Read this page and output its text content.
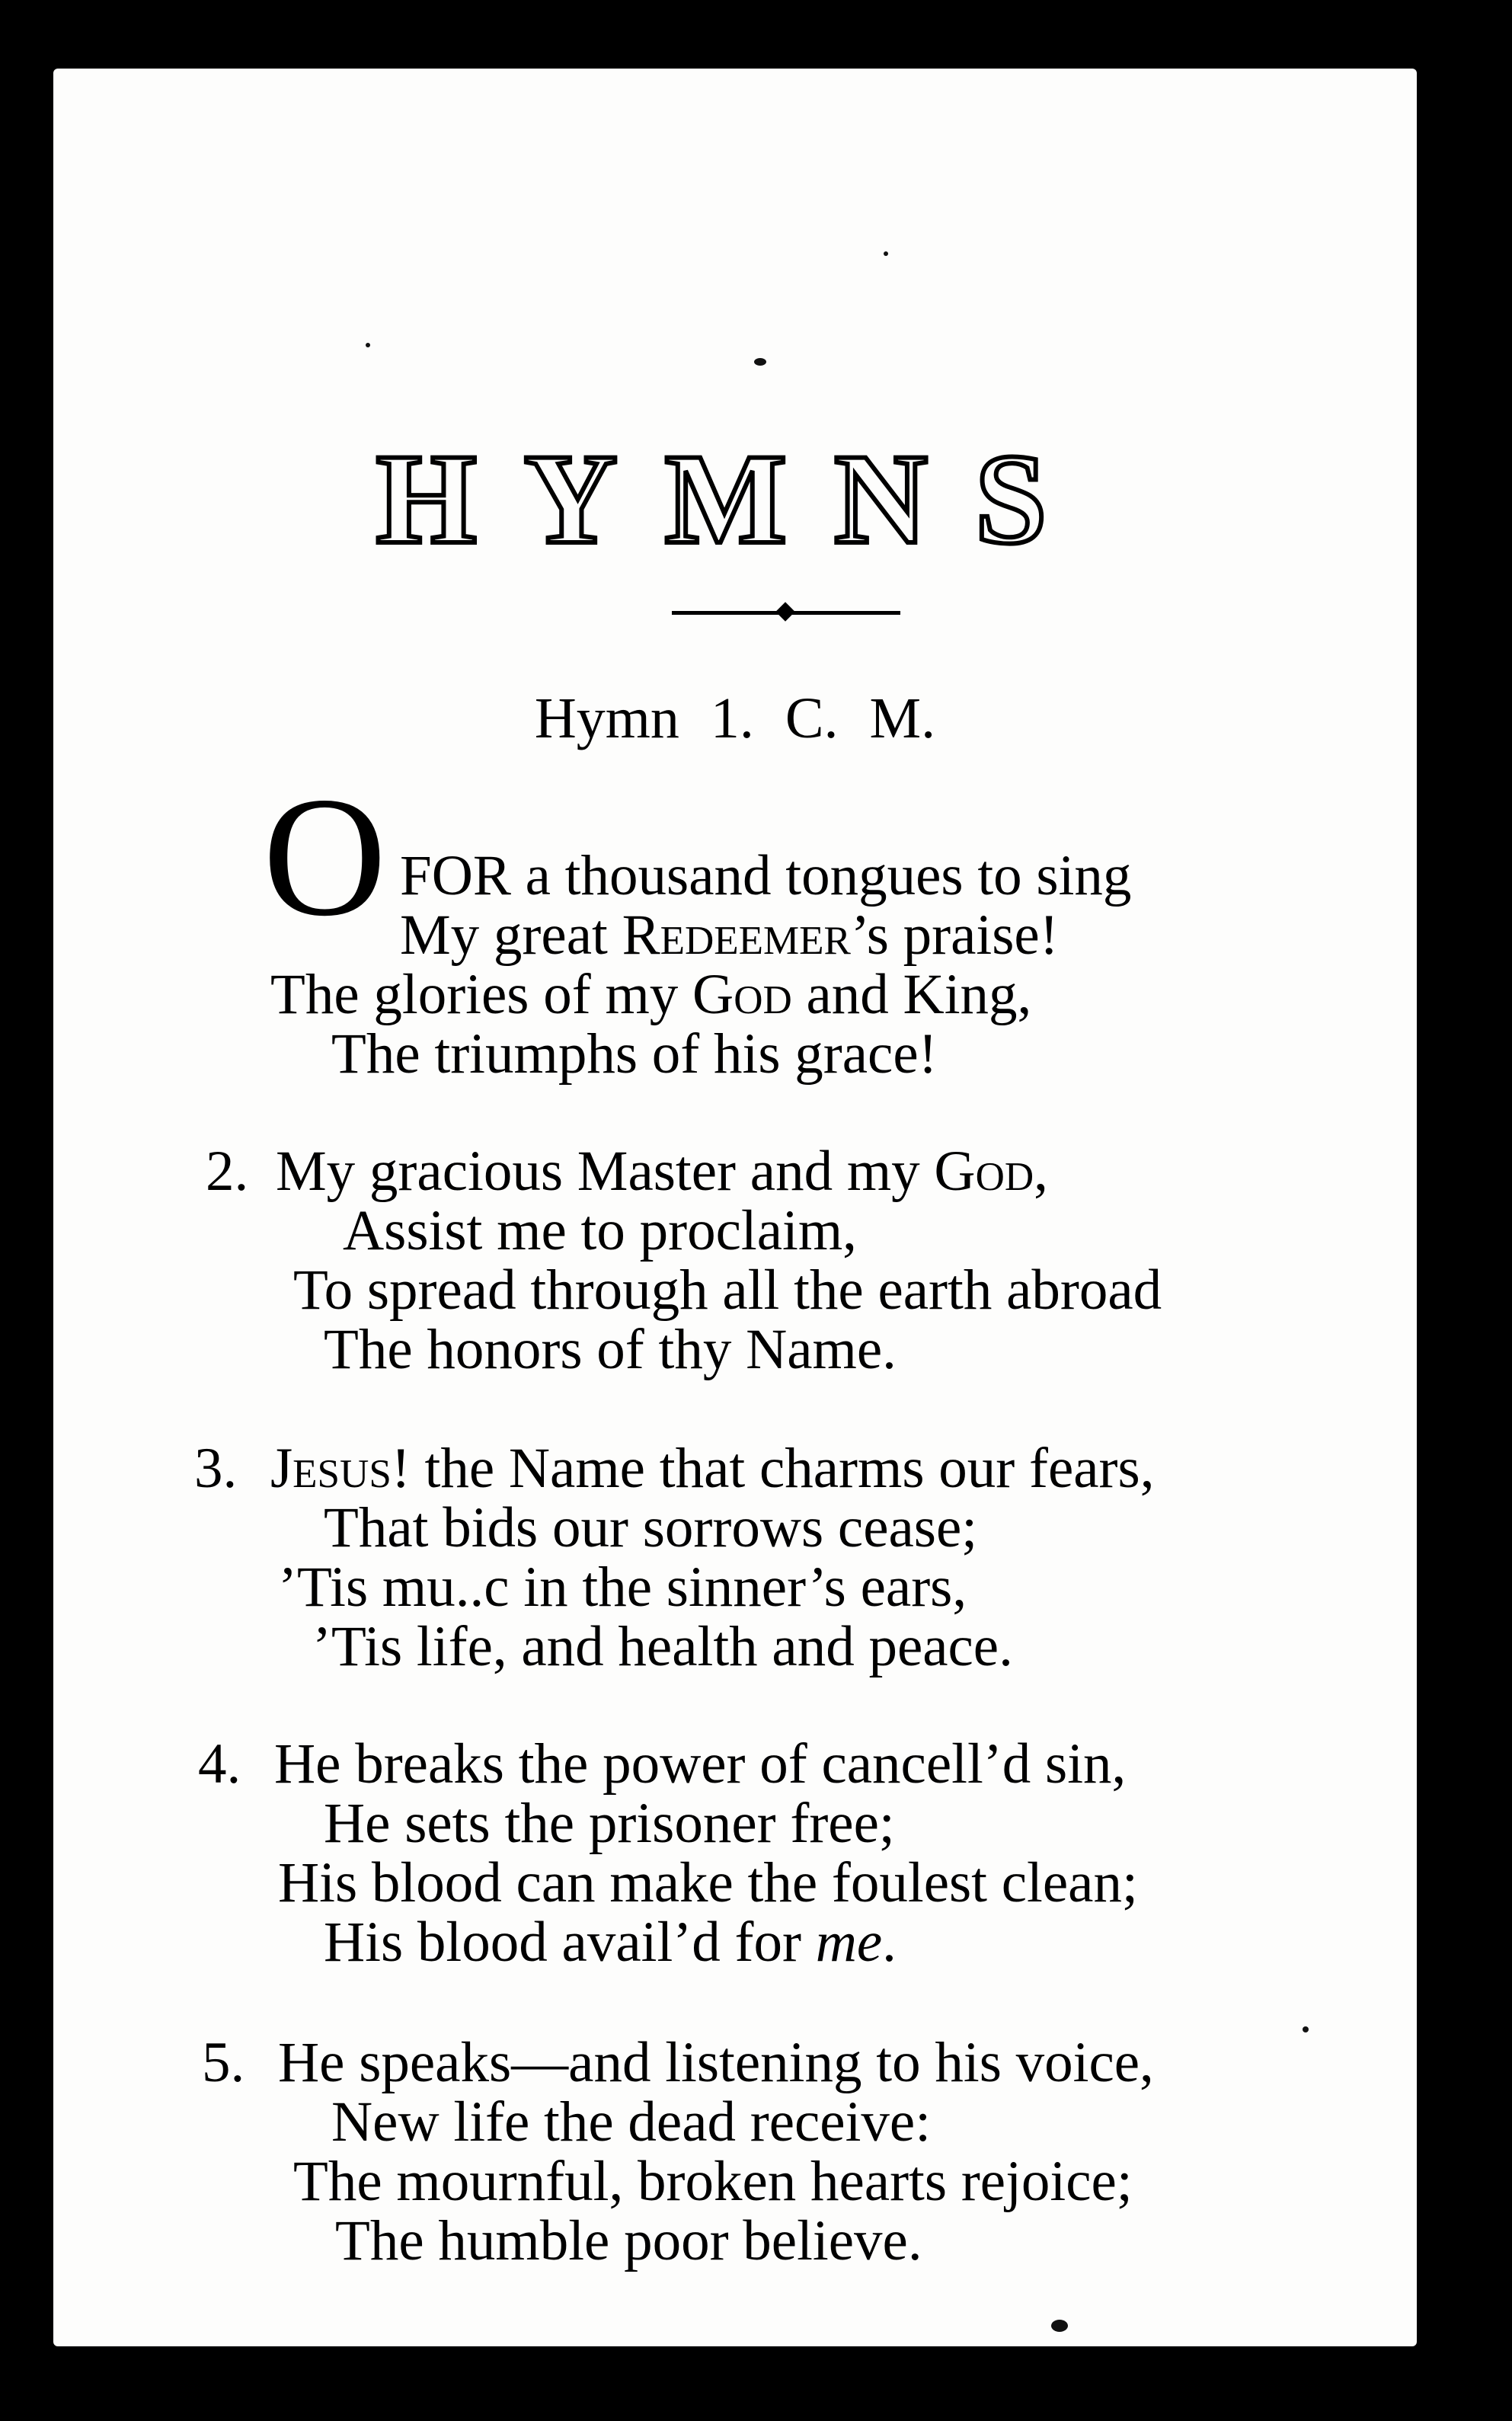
HYMNS
Hymn 1. C. M.
O FOR a thousand tongues to sing
My great Redeemer’s praise!
The glories of my God and King,
The triumphs of his grace!
2. My gracious Master and my God,
Assist me to proclaim,
To spread through all the earth abroad
The honors of thy Name.
3. Jesus! the Name that charms our fears,
That bids our sorrows cease;
’Tis mu..c in the sinner’s ears,
’Tis life, and health and peace.
4. He breaks the power of cancell’d sin,
He sets the prisoner free;
His blood can make the foulest clean;
His blood avail’d for me.
5. He speaks—and listening to his voice,
New life the dead receive:
The mournful, broken hearts rejoice;
The humble poor believe.
